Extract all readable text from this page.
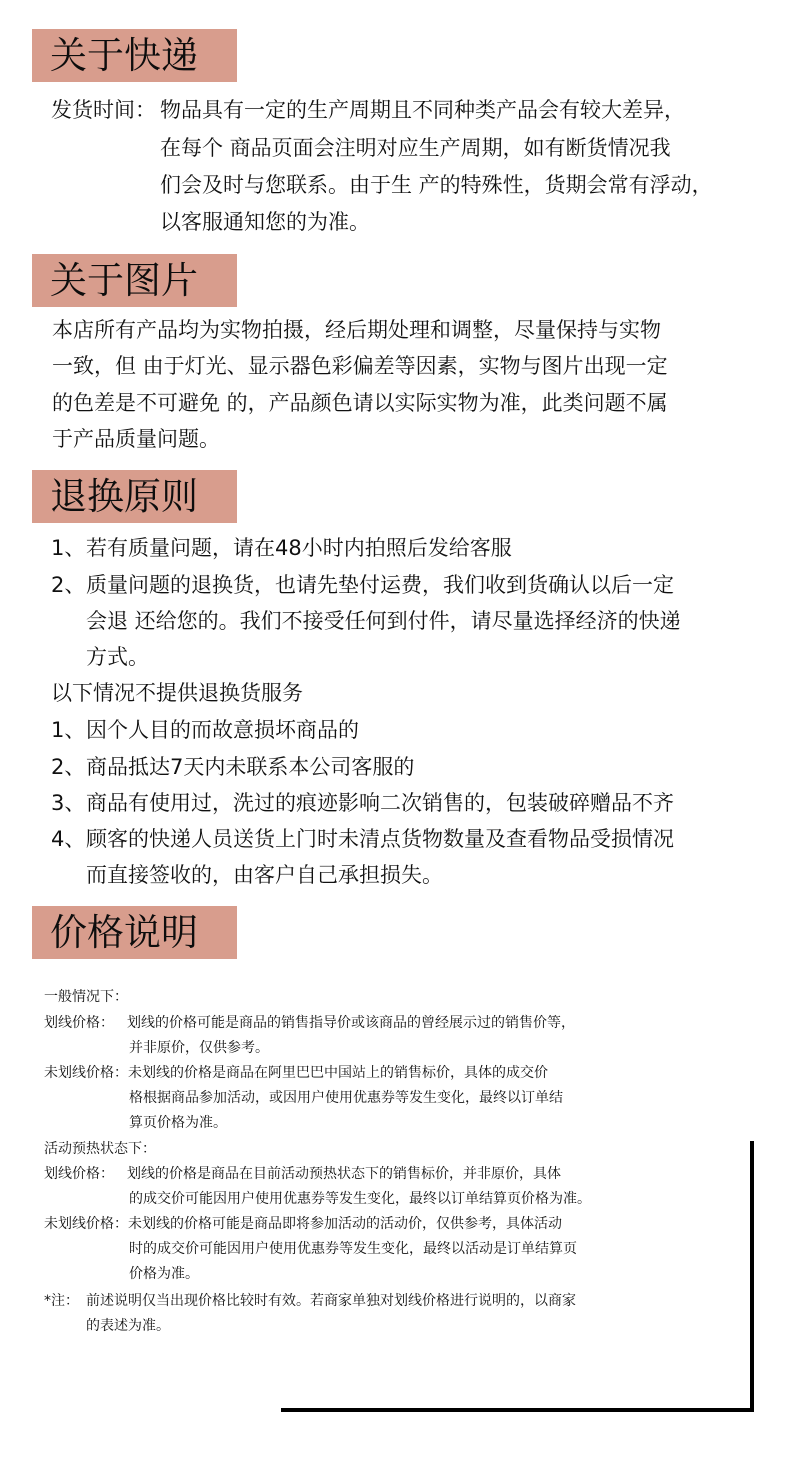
关于快递
发货时间： 物品具有一定的生产周期且不同种类产品会有较大差异，
在每个 商品页面会注明对应生产周期，如有断货情况我
们会及时与您联系。由于生 产的特殊性，货期会常有浮动，
以客服通知您的为准。
关于图片
本店所有产品均为实物拍摄，经后期处理和调整，尽量保持与实物
一致，但 由于灯光、显示器色彩偏差等因素，实物与图片出现一定
的色差是不可避免 的，产品颜色请以实际实物为准，此类问题不属
于产品质量问题。
退换原则
1、 若有质量问题，请在48小时内拍照后发给客服
2、 质量问题的退换货，也请先垫付运费，我们收到货确认以后一定
会退 还给您的。我们不接受任何到付件，请尽量选择经济的快递
方式。
以下情况不提供退换货服务
1、 因个人目的而故意损坏商品的
2、 商品抵达7天内未联系本公司客服的
3、 商品有使用过，洗过的痕迹影响二次销售的，包装破碎赠品不齐
4、 顾客的快递人员送货上门时未清点货物数量及查看物品受损情况
而直接签收的，由客户自己承担损失。
价格说明
一般情况下：
划线价格： 划线的价格可能是商品的销售指导价或该商品的曾经展示过的销售价等，
并非原价，仅供参考。
未划线价格： 未划线的价格是商品在阿里巴巴中国站上的销售标价，具体的成交价
格根据商品参加活动，或因用户使用优惠券等发生变化，最终以订单结
算页价格为准。
活动预热状态下：
划线价格： 划线的价格是商品在目前活动预热状态下的销售标价，并非原价，具体
的成交价可能因用户使用优惠券等发生变化，最终以订单结算页价格为准。
未划线价格： 未划线的价格可能是商品即将参加活动的活动价，仅供参考，具体活动
时的成交价可能因用户使用优惠券等发生变化，最终以活动是订单结算页
价格为准。
*注： 前述说明仅当出现价格比较时有效。若商家单独对划线价格进行说明的，以商家
的表述为准。
